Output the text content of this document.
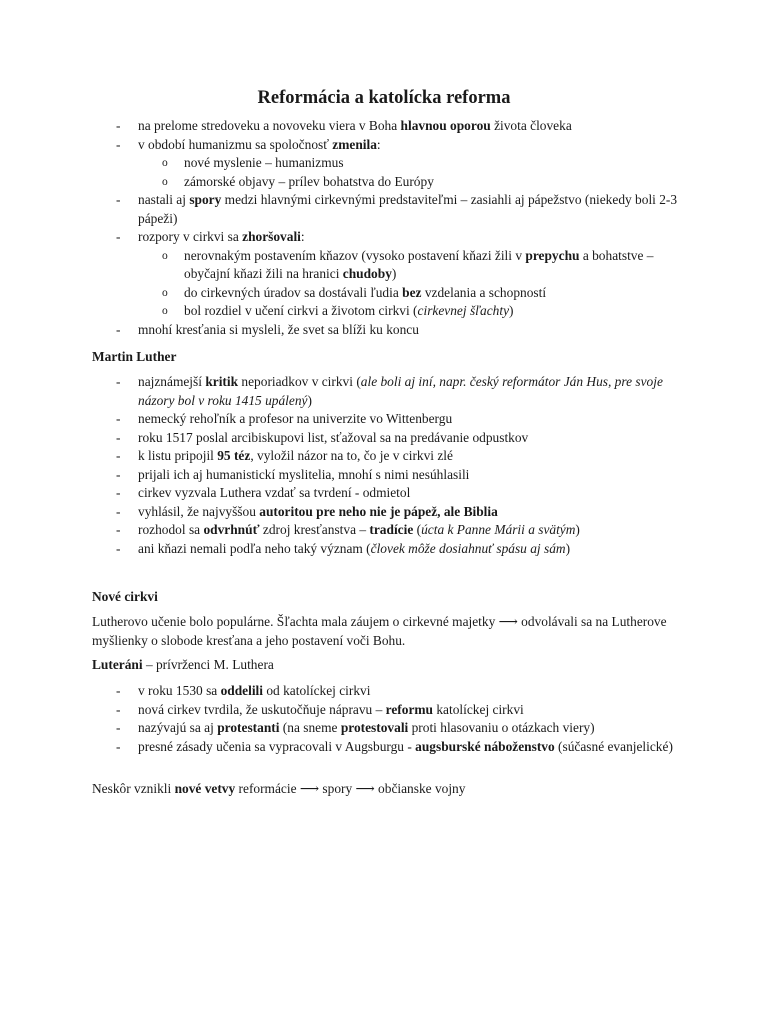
Reformácia a katolícka reforma
- na prelome stredoveku a novoveku viera v Boha hlavnou oporou života človeka
- v období humanizmu sa spoločnosť zmenila:
o nové myslenie – humanizmus
o zámorské objavy – prílev bohatstva do Európy
- nastali aj spory medzi hlavnými cirkevnými predstaviteľmi – zasiahli aj pápežstvo (niekedy boli 2-3 pápeži)
- rozpory v cirkvi sa zhoršovali:
o nerovnakým postavením kňazov (vysoko postavení kňazi žili v prepychu a bohatstve – obyčajní kňazi žili na hranici chudoby)
o do cirkevných úradov sa dostávali ľudia bez vzdelania a schopností
o bol rozdiel v učení cirkvi a životom cirkvi (cirkevnej šľachty)
- mnohí kresťania si mysleli, že svet sa blíži ku koncu
Martin Luther
- najznámejší kritik neporiadkov v cirkvi (ale boli aj iní, napr. český reformátor Ján Hus, pre svoje názory bol v roku 1415 upálený)
- nemecký rehoľník a profesor na univerzite vo Wittenbergu
- roku 1517 poslal arcibiskupovi list, sťažoval sa na predávanie odpustkov
- k listu pripojil 95 téz, vyložil názor na to, čo je v cirkvi zlé
- prijali ich aj humanistickí myslitelia, mnohí s nimi nesúhlasili
- cirkev vyzvala Luthera vzdať sa tvrdení - odmietol
- vyhlásil, že najvyššou autoritou pre neho nie je pápež, ale Biblia
- rozhodol sa odvrhnúť zdroj kresťanstva – tradície (úcta k Panne Márii a svätým)
- ani kňazi nemali podľa neho taký význam (človek môže dosiahnuť spásu aj sám)
Nové cirkvi
Lutherovo učenie bolo populárne. Šľachta mala záujem o cirkevné majetky ⟶ odvolávali sa na Lutherove myšlienky o slobode kresťana a jeho postavení voči Bohu.
Luteráni – prívrženci M. Luthera
- v roku 1530 sa oddelili od katolíckej cirkvi
- nová cirkev tvrdila, že uskutočňuje nápravu – reformu katolíckej cirkvi
- nazývajú sa aj protestanti (na sneme protestovali proti hlasovaniu o otázkach viery)
- presné zásady učenia sa vypracovali v Augsburgu - augsburské náboženstvo (súčasné evanjelické)
Neskôr vznikli nové vetvy reformácie ⟶ spory ⟶ občianske vojny
